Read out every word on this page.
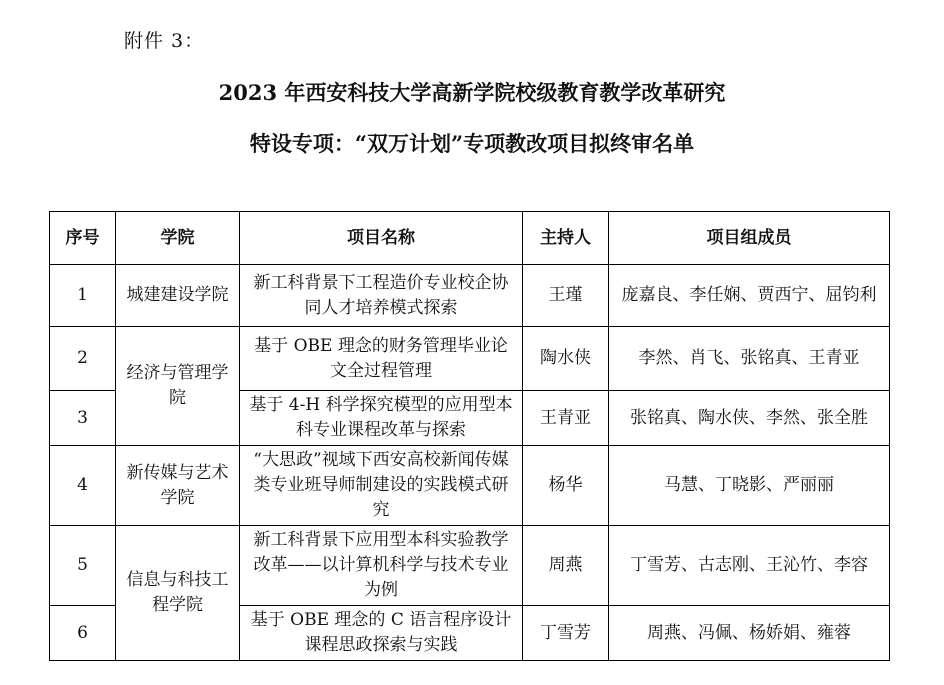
附件 3：
2023 年西安科技大学高新学院校级教育教学改革研究
特设专项：“双万计划”专项教改项目拟终审名单
序号	学院	项目名称	主持人	项目组成员
1	城建建设学院	新工科背景下工程造价专业校企协同人才培养模式探索	王瑾	庞嘉良、李任娴、贾西宁、屈钧利
2	经济与管理学院	基于 OBE 理念的财务管理毕业论文全过程管理	陶水侠	李然、肖飞、张铭真、王青亚
3		基于 4-H 科学探究模型的应用型本科专业课程改革与探索	王青亚	张铭真、陶水侠、李然、张全胜
4	新传媒与艺术学院	“大思政”视域下西安高校新闻传媒类专业班导师制建设的实践模式研究	杨华	马慧、丁晓影、严丽丽
5	信息与科技工程学院	新工科背景下应用型本科实验教学改革——以计算机科学与技术专业为例	周燕	丁雪芳、古志刚、王沁竹、李容
6		基于 OBE 理念的 C 语言程序设计课程思政探索与实践	丁雪芳	周燕、冯佩、杨娇娟、雍蓉
